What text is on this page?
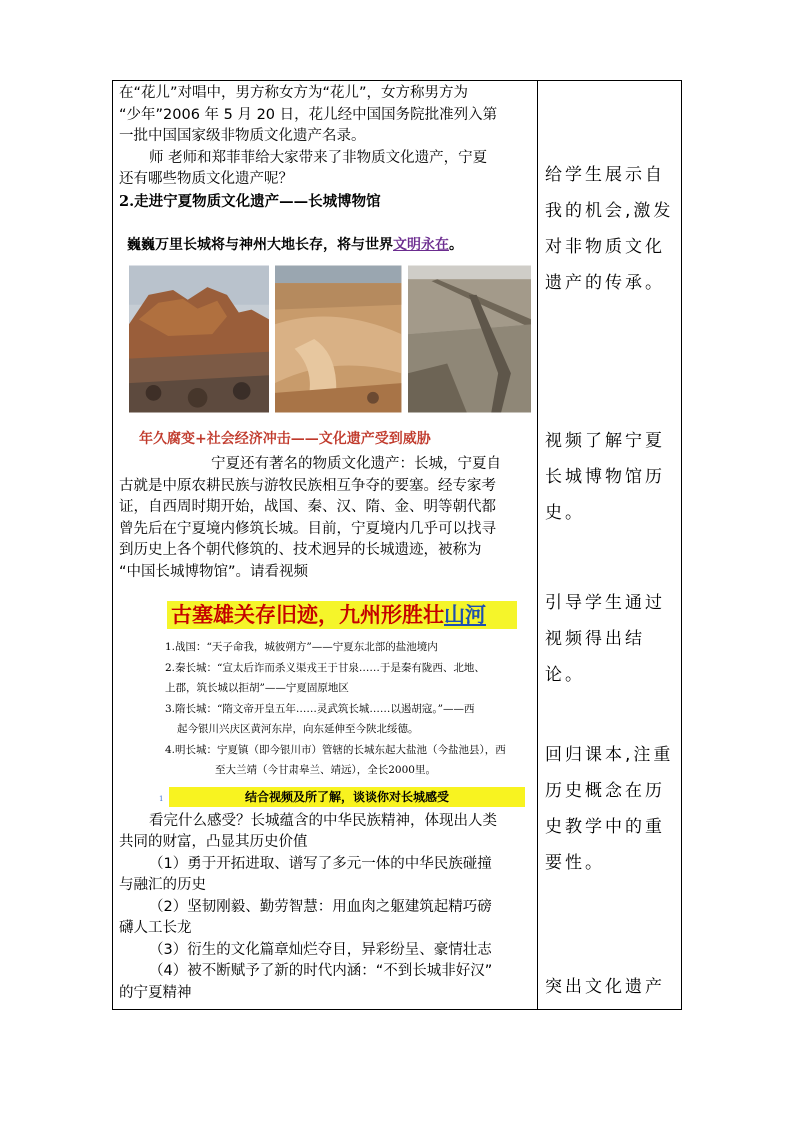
在“花儿”对唱中，男方称女方为“花儿”，女方称男方为

“少年”2006 年 5 月 20 日，花儿经中国国务院批准列入第

一批中国国家级非物质文化遗产名录。

师 老师和郑菲菲给大家带来了非物质文化遗产，宁夏

还有哪些物质文化遗产呢？

2.走进宁夏物质文化遗产——长城博物馆

巍巍万里长城将与神州大地长存，将与世界文明永在。

年久腐变+社会经济冲击——文化遗产受到威胁

宁夏还有著名的物质文化遗产：长城，宁夏自

古就是中原农耕民族与游牧民族相互争夺的要塞。经专家考

证，自西周时期开始，战国、秦、汉、隋、金、明等朝代都

曾先后在宁夏境内修筑长城。目前，宁夏境内几乎可以找寻

到历史上各个朝代修筑的、技术迥异的长城遗迹，被称为

“中国长城博物馆”。请看视频

古塞雄关存旧迹，九州形胜壮山河
1.战国：“天子命我，城彼朔方”——宁夏东北部的盐池境内
2.秦长城：“宣太后诈而杀义渠戎王于甘泉……于是秦有陇西、北地、
上郡，筑长城以拒胡”——宁夏固原地区
3.隋长城：“隋文帝开皇五年……灵武筑长城……以遏胡寇。”——西
起今银川兴庆区黄河东岸，向东延伸至今陕北绥德。
4.明长城：宁夏镇（即今银川市）管辖的长城东起大盐池（今盐池县），西
至大兰靖（今甘肃皋兰、靖远），全长2000里。
1	结合视频及所了解，谈谈你对长城感受

看完什么感受？长城蕴含的中华民族精神，体现出人类

共同的财富，凸显其历史价值

（1）勇于开拓进取、谱写了多元一体的中华民族碰撞

与融汇的历史

（2）坚韧刚毅、勤劳智慧：用血肉之躯建筑起精巧磅

礴人工长龙

（3）衍生的文化篇章灿烂夺目，异彩纷呈、豪情壮志

（4）被不断赋予了新的时代内涵：“不到长城非好汉”

的宁夏精神

给学生展示自

我的机会,激发

对非物质文化

遗产的传承。

视频了解宁夏

长城博物馆历

史。

引导学生通过

视频得出结论。

回归课本,注重

历史概念在历

史教学中的重

要性。

突出文化遗产
